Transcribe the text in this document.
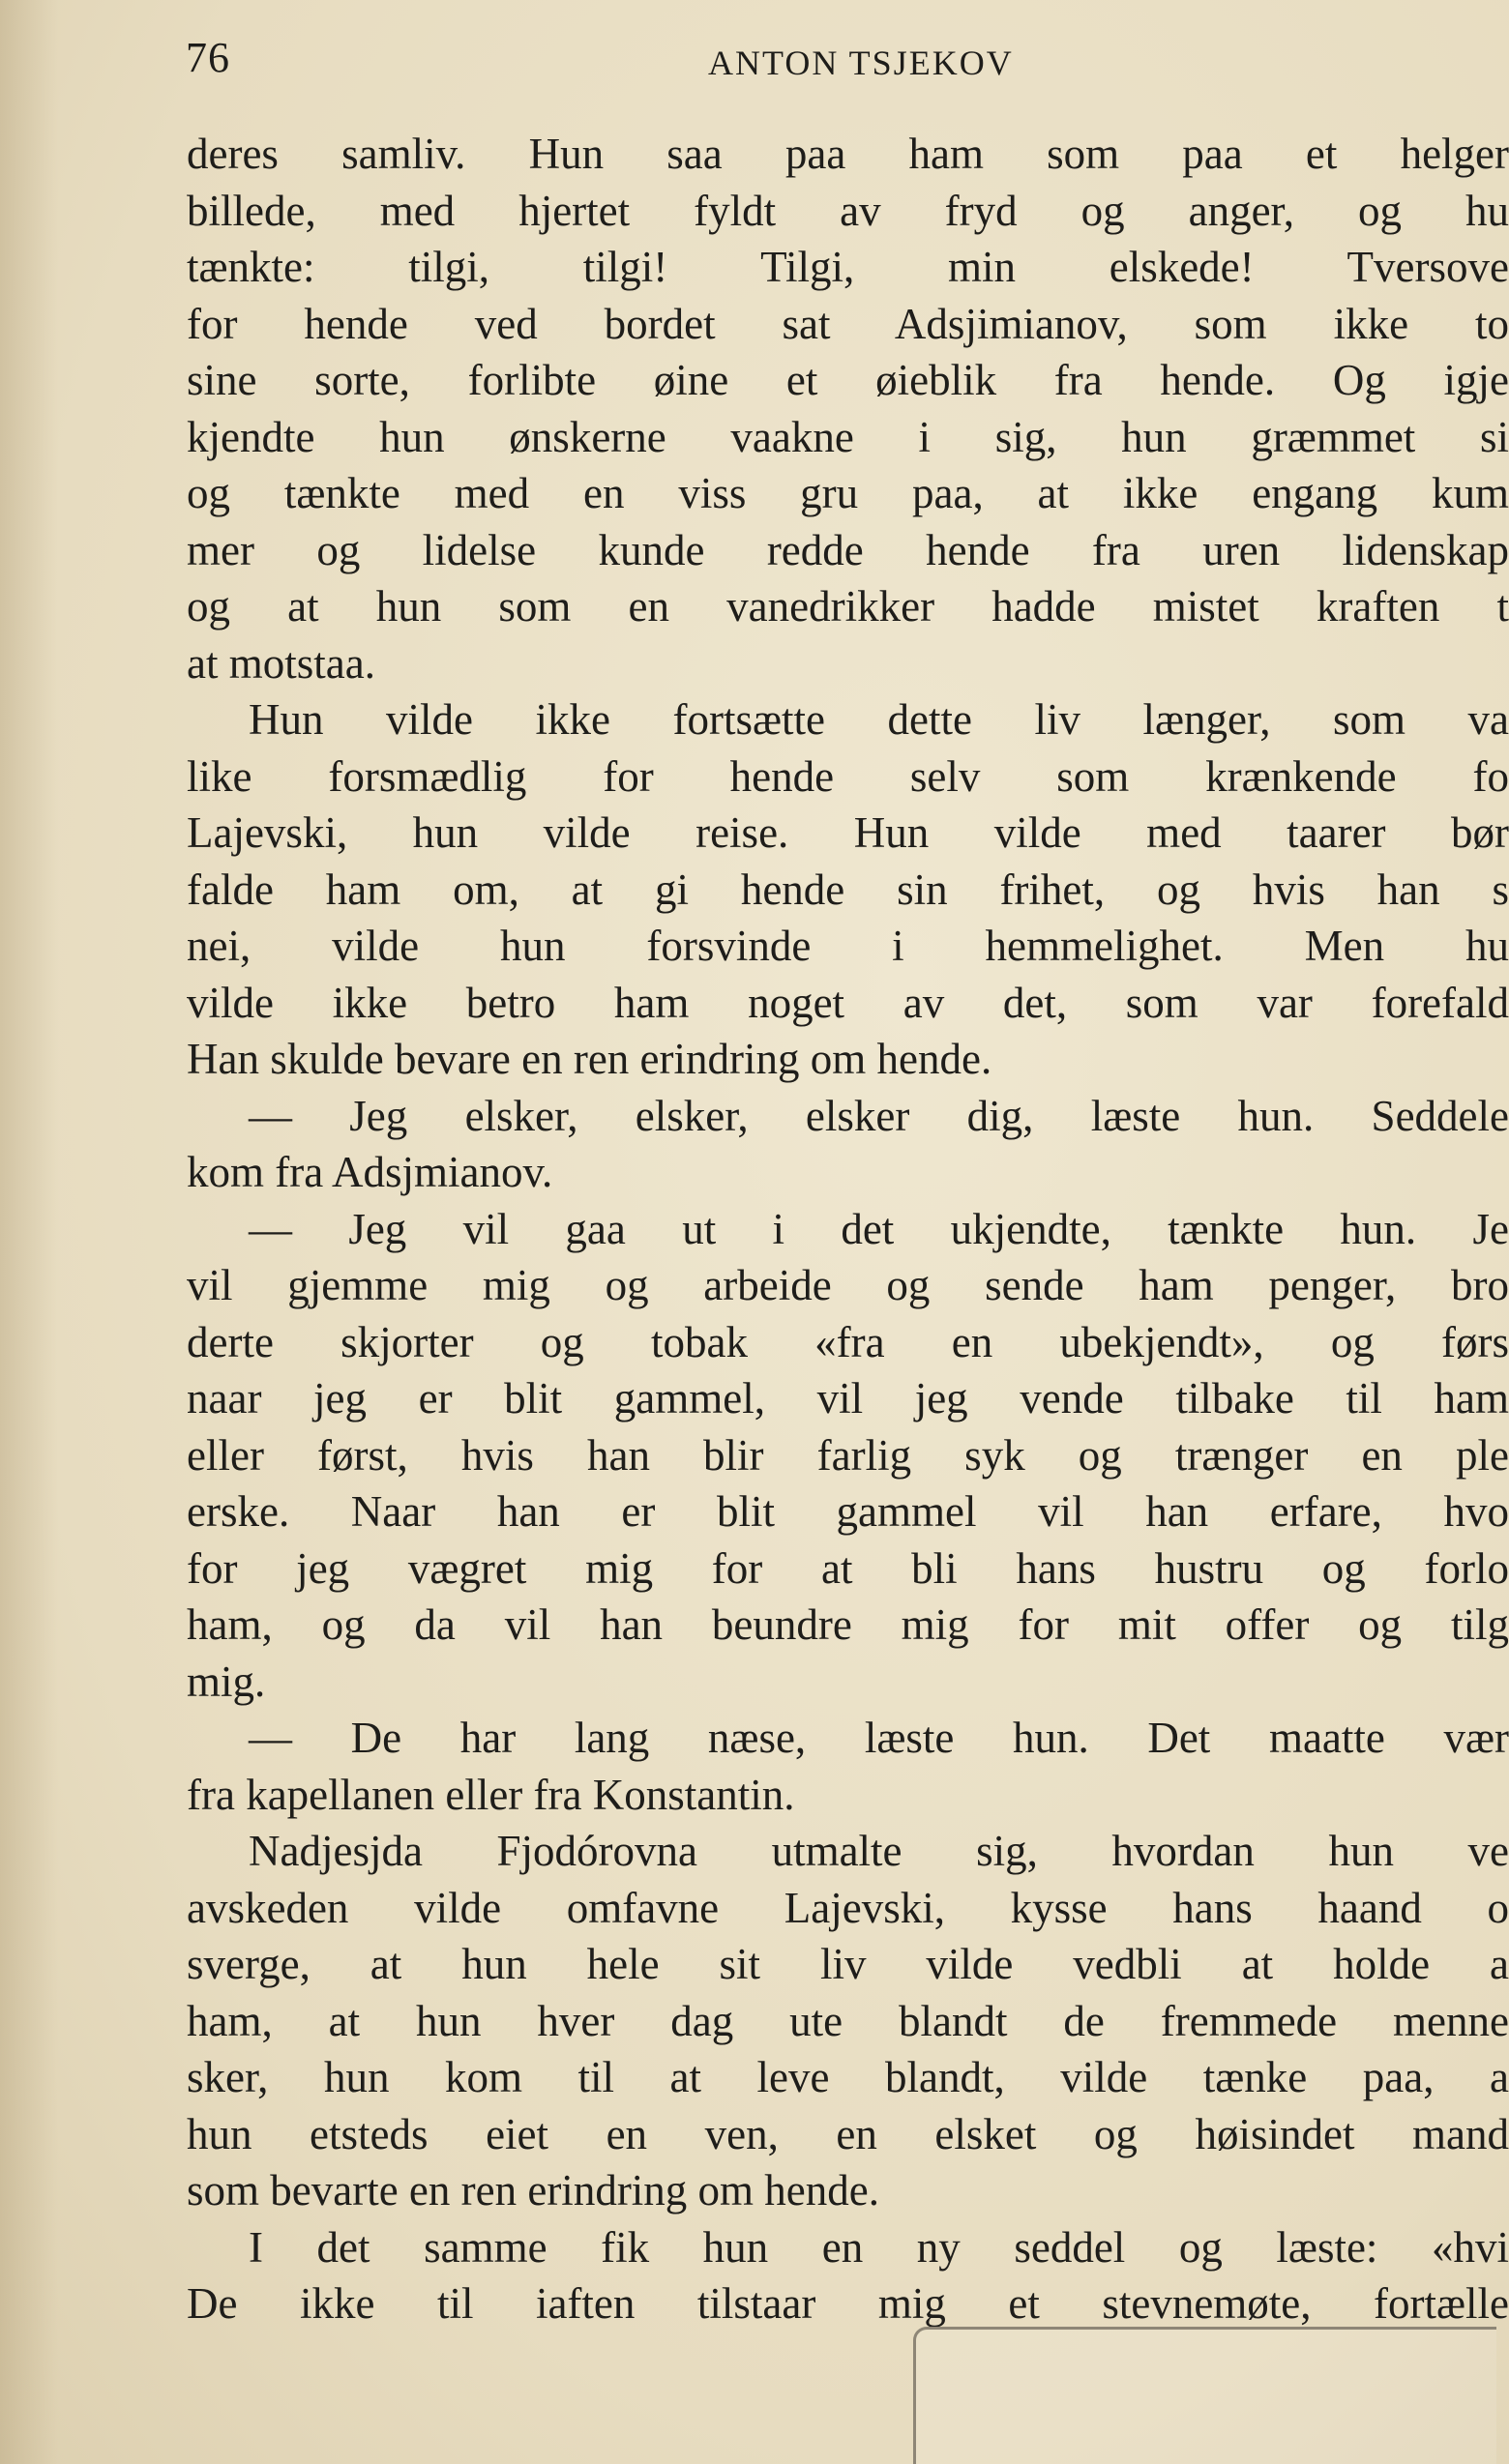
76	ANTON TSJEKOV
deres samliv. Hun saa paa ham som paa et helger
billede, med hjertet fyldt av fryd og anger, og hu
tænkte: tilgi, tilgi! Tilgi, min elskede! Tversove
for hende ved bordet sat Adsjimianov, som ikke to
sine sorte, forlibte øine et øieblik fra hende. Og igje
kjendte hun ønskerne vaakne i sig, hun græmmet si
og tænkte med en viss gru paa, at ikke engang kum
mer og lidelse kunde redde hende fra uren lidenskap
og at hun som en vanedrikker hadde mistet kraften t
at motstaa.
Hun vilde ikke fortsætte dette liv længer, som va
like forsmædlig for hende selv som krænkende fo
Lajevski, hun vilde reise. Hun vilde med taarer bør
falde ham om, at gi hende sin frihet, og hvis han s
nei, vilde hun forsvinde i hemmelighet. Men hu
vilde ikke betro ham noget av det, som var forefald
Han skulde bevare en ren erindring om hende.
— Jeg elsker, elsker, elsker dig, læste hun. Seddele
kom fra Adsjmianov.
— Jeg vil gaa ut i det ukjendte, tænkte hun. Je
vil gjemme mig og arbeide og sende ham penger, bro
derte skjorter og tobak «fra en ubekjendt», og førs
naar jeg er blit gammel, vil jeg vende tilbake til ham
eller først, hvis han blir farlig syk og trænger en ple
erske. Naar han er blit gammel vil han erfare, hvo
for jeg vægret mig for at bli hans hustru og forlo
ham, og da vil han beundre mig for mit offer og tilg
mig.
— De har lang næse, læste hun. Det maatte vær
fra kapellanen eller fra Konstantin.
Nadjesjda Fjodórovna utmalte sig, hvordan hun ve
avskeden vilde omfavne Lajevski, kysse hans haand o
sverge, at hun hele sit liv vilde vedbli at holde a
ham, at hun hver dag ute blandt de fremmede menne
sker, hun kom til at leve blandt, vilde tænke paa, a
hun etsteds eiet en ven, en elsket og høisindet mand
som bevarte en ren erindring om hende.
I det samme fik hun en ny seddel og læste: «hvi
De ikke til iaften tilstaar mig et stevnemøte, fortælle
